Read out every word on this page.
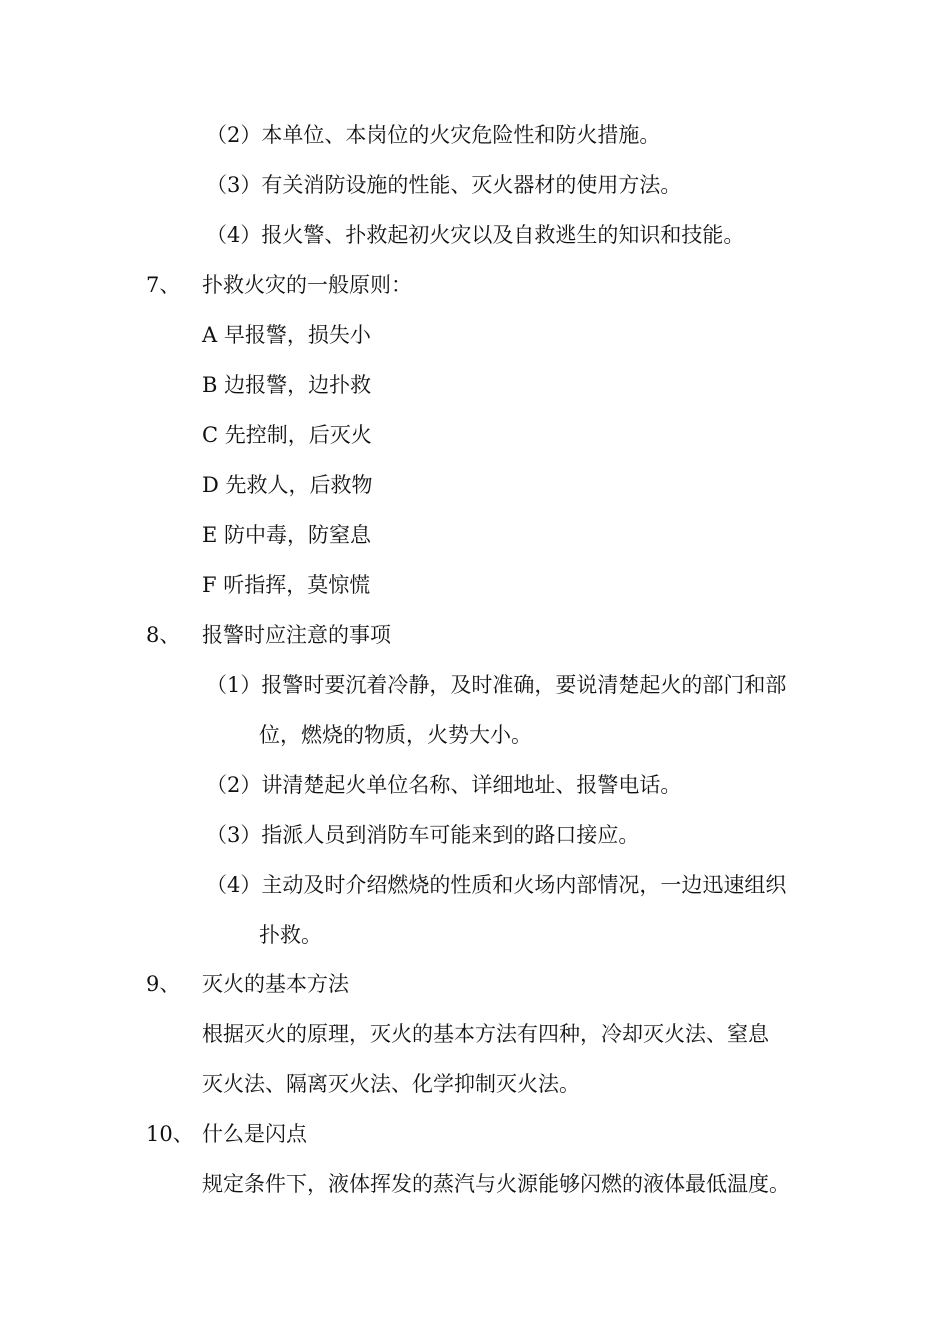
（2）本单位、本岗位的火灾危险性和防火措施。
（3）有关消防设施的性能、灭火器材的使用方法。
（4）报火警、扑救起初火灾以及自救逃生的知识和技能。
7、 扑救火灾的一般原则：
A 早报警，损失小
B 边报警，边扑救
C 先控制，后灭火
D 先救人，后救物
E 防中毒，防窒息
F 听指挥，莫惊慌
8、 报警时应注意的事项
（1）报警时要沉着冷静，及时准确，要说清楚起火的部门和部
位，燃烧的物质，火势大小。
（2）讲清楚起火单位名称、详细地址、报警电话。
（3）指派人员到消防车可能来到的路口接应。
（4）主动及时介绍燃烧的性质和火场内部情况，一边迅速组织
扑救。
9、 灭火的基本方法
根据灭火的原理，灭火的基本方法有四种，冷却灭火法、窒息
灭火法、隔离灭火法、化学抑制灭火法。
10、 什么是闪点
规定条件下，液体挥发的蒸汽与火源能够闪燃的液体最低温度。
